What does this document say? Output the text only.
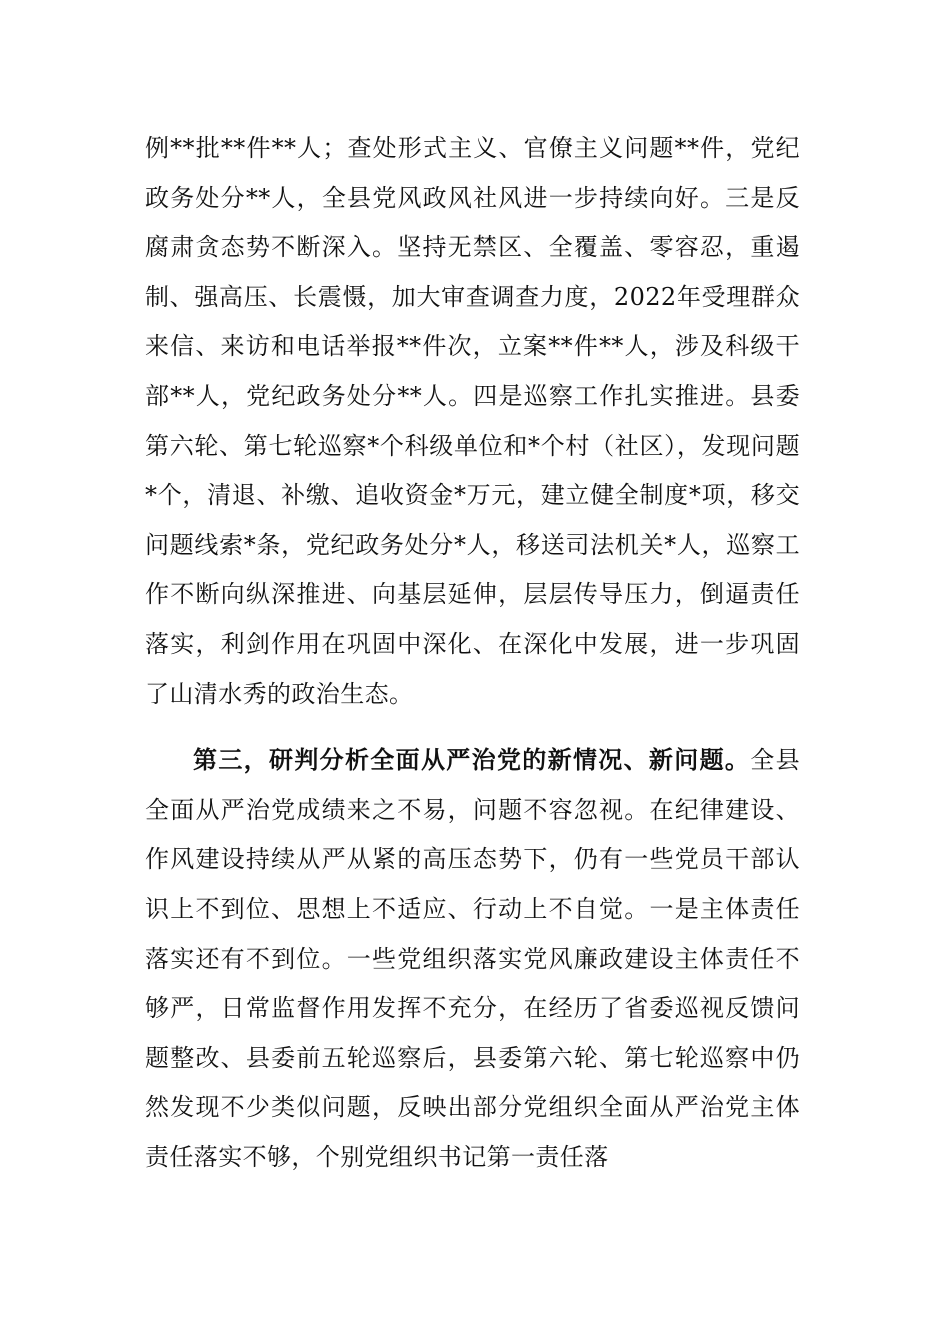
例**批**件**人；查处形式主义、官僚主义问题**件，党纪政务处分**人，全县党风政风社风进一步持续向好。三是反腐肃贪态势不断深入。坚持无禁区、全覆盖、零容忍，重遏制、强高压、长震慑，加大审查调查力度，2022年受理群众来信、来访和电话举报**件次，立案**件**人，涉及科级干部**人，党纪政务处分**人。四是巡察工作扎实推进。县委第六轮、第七轮巡察*个科级单位和*个村（社区），发现问题*个，清退、补缴、追收资金*万元，建立健全制度*项，移交问题线索*条，党纪政务处分*人，移送司法机关*人，巡察工作不断向纵深推进、向基层延伸，层层传导压力，倒逼责任落实，利剑作用在巩固中深化、在深化中发展，进一步巩固了山清水秀的政治生态。

第三，研判分析全面从严治党的新情况、新问题。全县全面从严治党成绩来之不易，问题不容忽视。在纪律建设、作风建设持续从严从紧的高压态势下，仍有一些党员干部认识上不到位、思想上不适应、行动上不自觉。一是主体责任落实还有不到位。一些党组织落实党风廉政建设主体责任不够严，日常监督作用发挥不充分，在经历了省委巡视反馈问题整改、县委前五轮巡察后，县委第六轮、第七轮巡察中仍然发现不少类似问题，反映出部分党组织全面从严治党主体责任落实不够，个别党组织书记第一责任落
